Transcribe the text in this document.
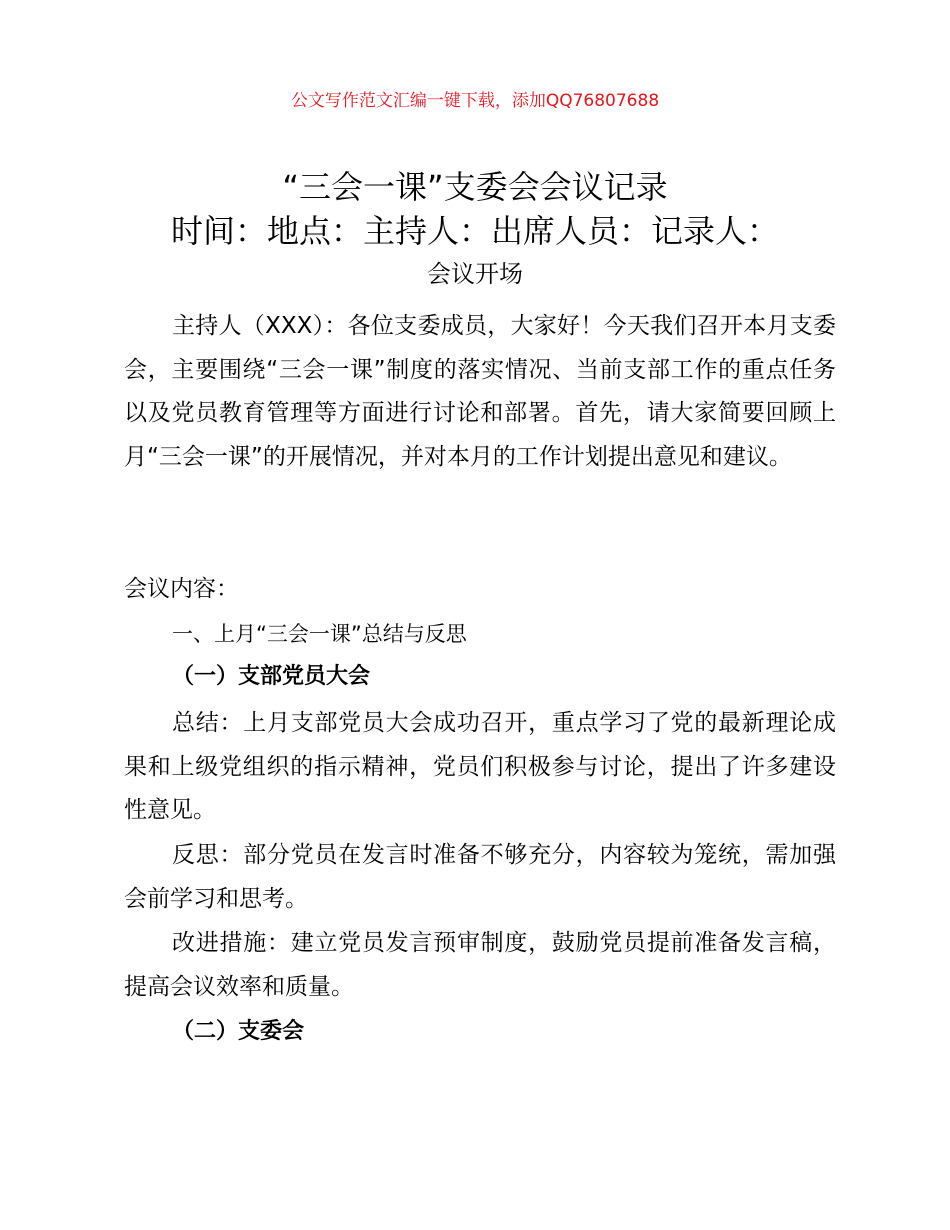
公文写作范文汇编一键下载，添加QQ76807688
“三会一课”支委会会议记录
时间：地点：主持人：出席人员：记录人：
会议开场

主持人（XXX）：各位支委成员，大家好！今天我们召开本月支委会，主要围绕“三会一课”制度的落实情况、当前支部工作的重点任务以及党员教育管理等方面进行讨论和部署。首先，请大家简要回顾上月“三会一课”的开展情况，并对本月的工作计划提出意见和建议。

会议内容：

一、上月“三会一课”总结与反思
（一）支部党员大会

总结：上月支部党员大会成功召开，重点学习了党的最新理论成果和上级党组织的指示精神，党员们积极参与讨论，提出了许多建设性意见。

反思：部分党员在发言时准备不够充分，内容较为笼统，需加强会前学习和思考。

改进措施：建立党员发言预审制度，鼓励党员提前准备发言稿，提高会议效率和质量。

（二）支委会
